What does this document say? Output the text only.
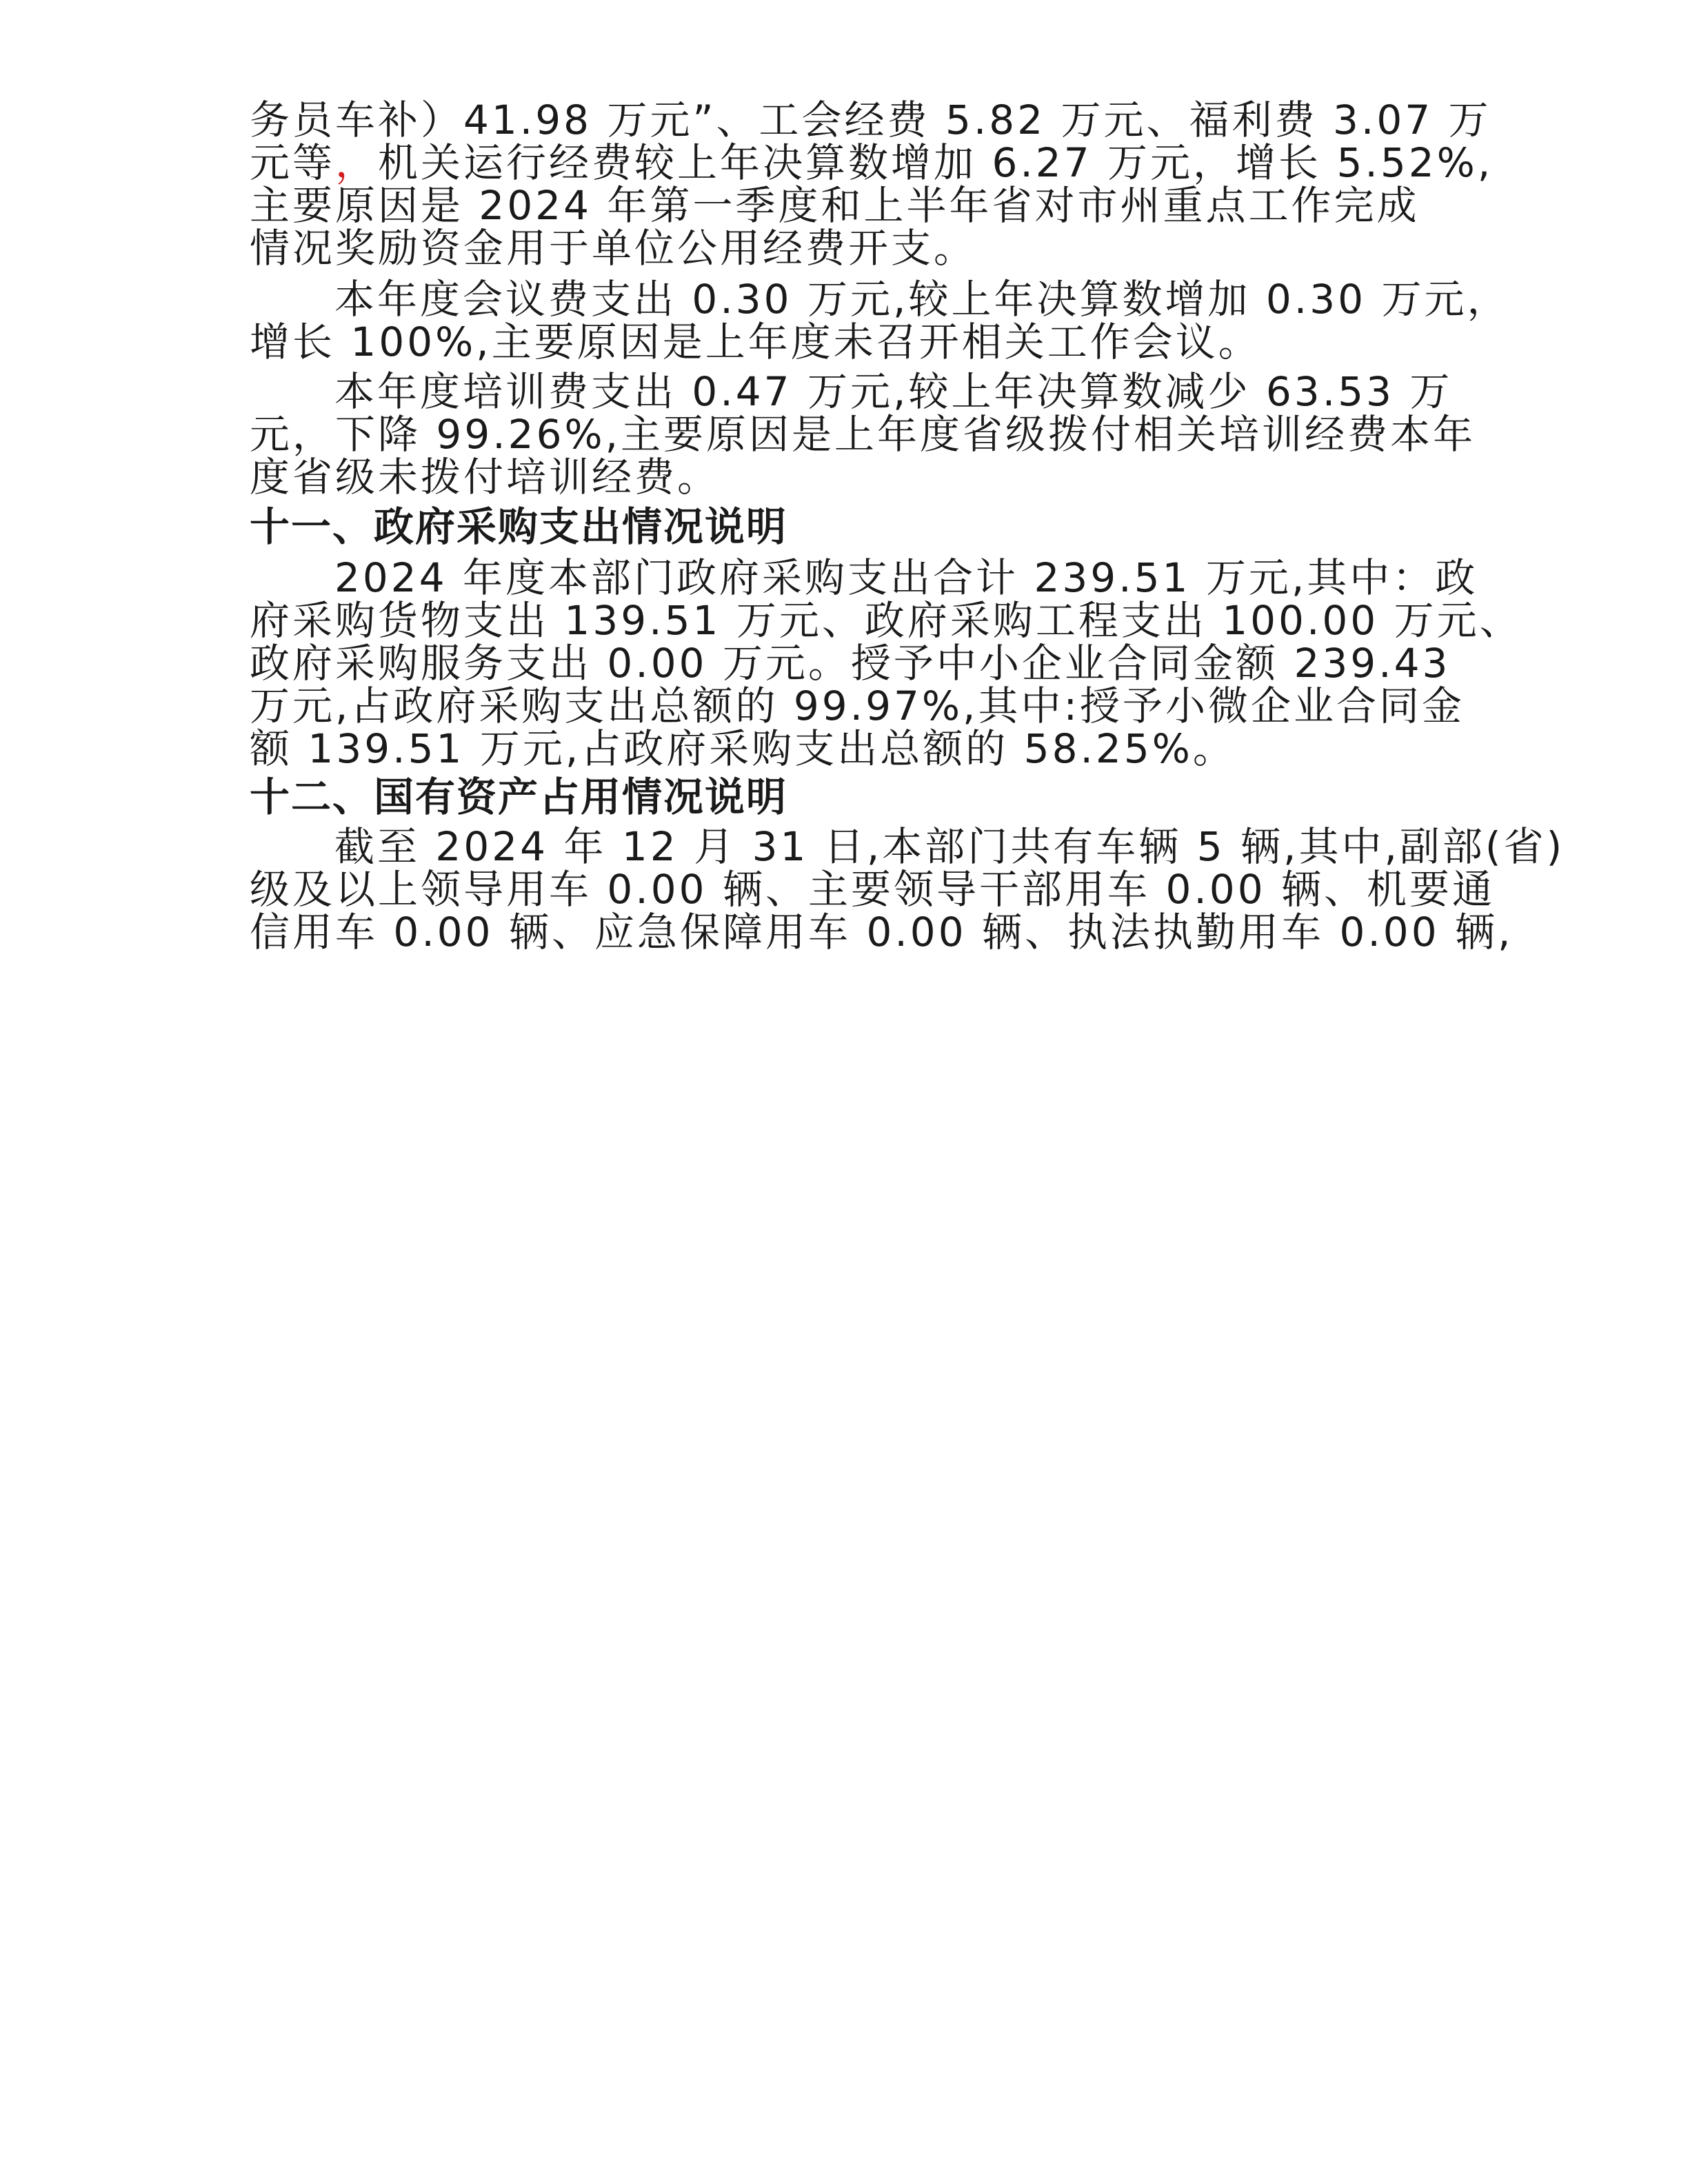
务员车补）41.98 万元”、工会经费 5.82 万元、福利费 3.07 万
元等，机关运行经费较上年决算数增加 6.27 万元，增长 5.52%,
主要原因是 2024 年第一季度和上半年省对市州重点工作完成
情况奖励资金用于单位公用经费开支。
本年度会议费支出 0.30 万元,较上年决算数增加 0.30 万元，
增长 100%,主要原因是上年度未召开相关工作会议。
本年度培训费支出 0.47 万元,较上年决算数减少 63.53 万
元，下降 99.26%,主要原因是上年度省级拨付相关培训经费本年
度省级未拨付培训经费。
十一、政府采购支出情况说明
2024 年度本部门政府采购支出合计 239.51 万元,其中：政
府采购货物支出 139.51 万元、政府采购工程支出 100.00 万元、
政府采购服务支出 0.00 万元。授予中小企业合同金额 239.43
万元,占政府采购支出总额的 99.97%,其中:授予小微企业合同金
额 139.51 万元,占政府采购支出总额的 58.25%。
十二、国有资产占用情况说明
截至 2024 年 12 月 31 日,本部门共有车辆 5 辆,其中,副部(省)
级及以上领导用车 0.00 辆、主要领导干部用车 0.00 辆、机要通
信用车 0.00 辆、应急保障用车 0.00 辆、执法执勤用车 0.00 辆,
